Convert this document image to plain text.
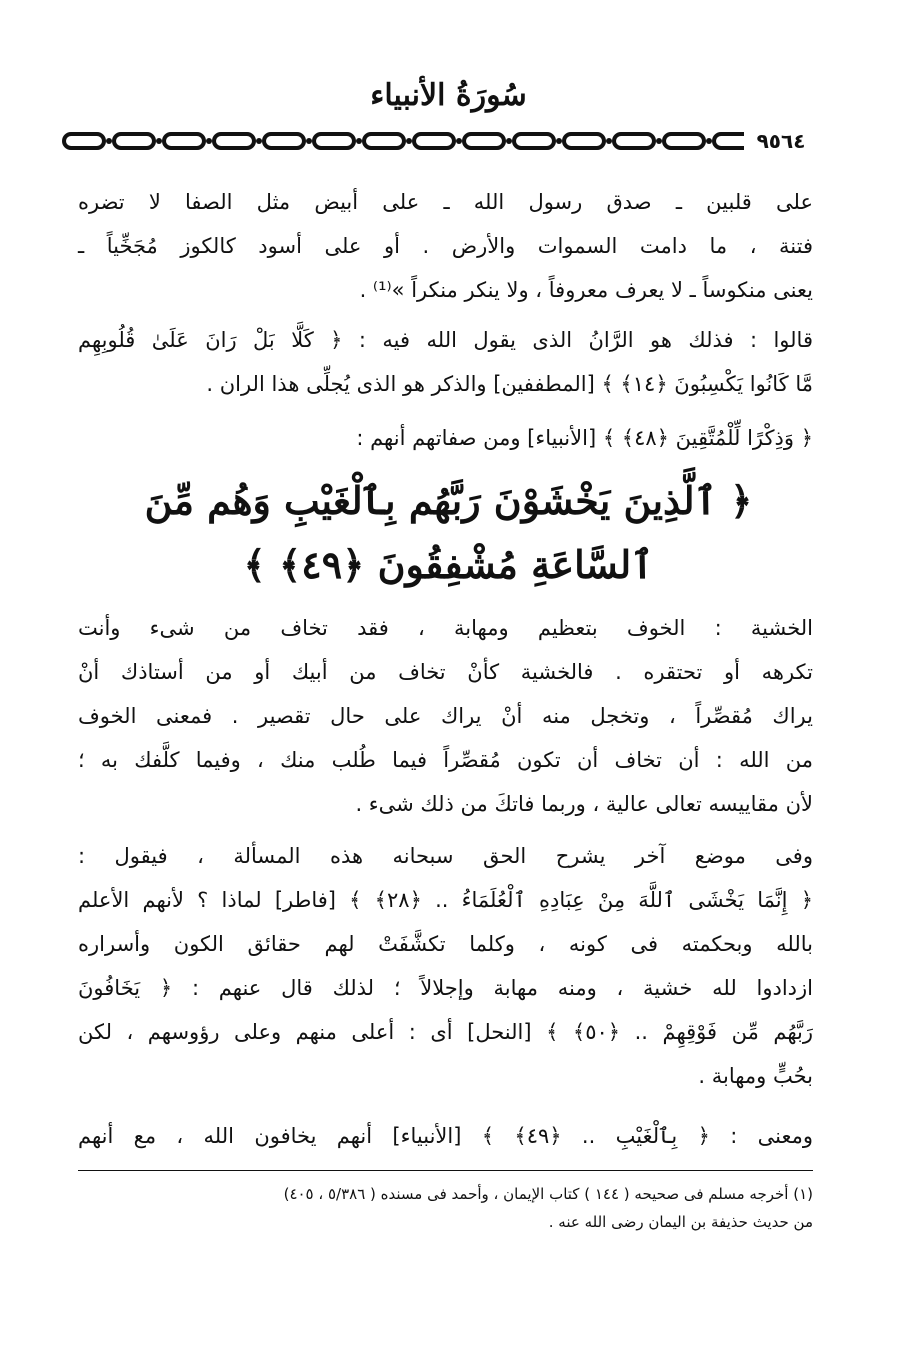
سُورَةُ الأنبياء
٩٥٦٤
على قلبين ـ صدق رسول الله ـ على أبيض مثل الصفا لا تضره
فتنة ، ما دامت السموات والأرض . أو على أسود كالكوز مُجَخِّياً ـ
يعنى منكوساً ـ لا يعرف معروفاً ، ولا ينكر منكراً »⁽¹⁾ .
قالوا : فذلك هو الرَّانُ الذى يقول الله فيه : ﴿ كَلَّا بَلْ رَانَ عَلَىٰ قُلُوبِهِم
مَّا كَانُوا يَكْسِبُونَ ﴿١٤﴾ ﴾ [المطففين] والذكر هو الذى يُجلِّى هذا الران .
﴿ وَذِكْرًا لِّلْمُتَّقِينَ ﴿٤٨﴾ ﴾ [الأنبياء] ومن صفاتهم أنهم :
﴿ ٱلَّذِينَ يَخْشَوْنَ رَبَّهُم بِٱلْغَيْبِ وَهُم مِّنَ
ٱلسَّاعَةِ مُشْفِقُونَ ﴿٤٩﴾ ﴾
الخشية : الخوف بتعظيم ومهابة ، فقد تخاف من شىء وأنت
تكرهه أو تحتقره . فالخشية كأنْ تخاف من أبيك أو من أستاذك أنْ
يراك مُقصِّراً ، وتخجل منه أنْ يراك على حال تقصير . فمعنى الخوف
من الله : أن تخاف أن تكون مُقصِّراً فيما طُلب منك ، وفيما كلَّفك به ؛
لأن مقاييسه تعالى عالية ، وربما فاتكَ من ذلك شىء .
وفى موضع آخر يشرح الحق سبحانه هذه المسألة ، فيقول :
﴿ إِنَّمَا يَخْشَى ٱللَّهَ مِنْ عِبَادِهِ ٱلْعُلَمَاءُ .. ﴿٢٨﴾ ﴾ [فاطر] لماذا ؟ لأنهم الأعلم
بالله وبحكمته فى كونه ، وكلما تكشَّفَتْ لهم حقائق الكون وأسراره
ازدادوا لله خشية ، ومنه مهابة وإجلالاً ؛ لذلك قال عنهم : ﴿ يَخَافُونَ
رَبَّهُم مِّن فَوْقِهِمْ .. ﴿٥٠﴾ ﴾ [النحل] أى : أعلى منهم وعلى رؤوسهم ، لكن
بحُبٍّ ومهابة .
ومعنى : ﴿ بِٱلْغَيْبِ .. ﴿٤٩﴾ ﴾ [الأنبياء] أنهم يخافون الله ، مع أنهم
(١) أخرجه مسلم فى صحيحه ( ١٤٤ ) كتاب الإيمان ، وأحمد فى مسنده ( ٥/٣٨٦ ، ٤٠٥)
من حديث حذيفة بن اليمان رضى الله عنه .
